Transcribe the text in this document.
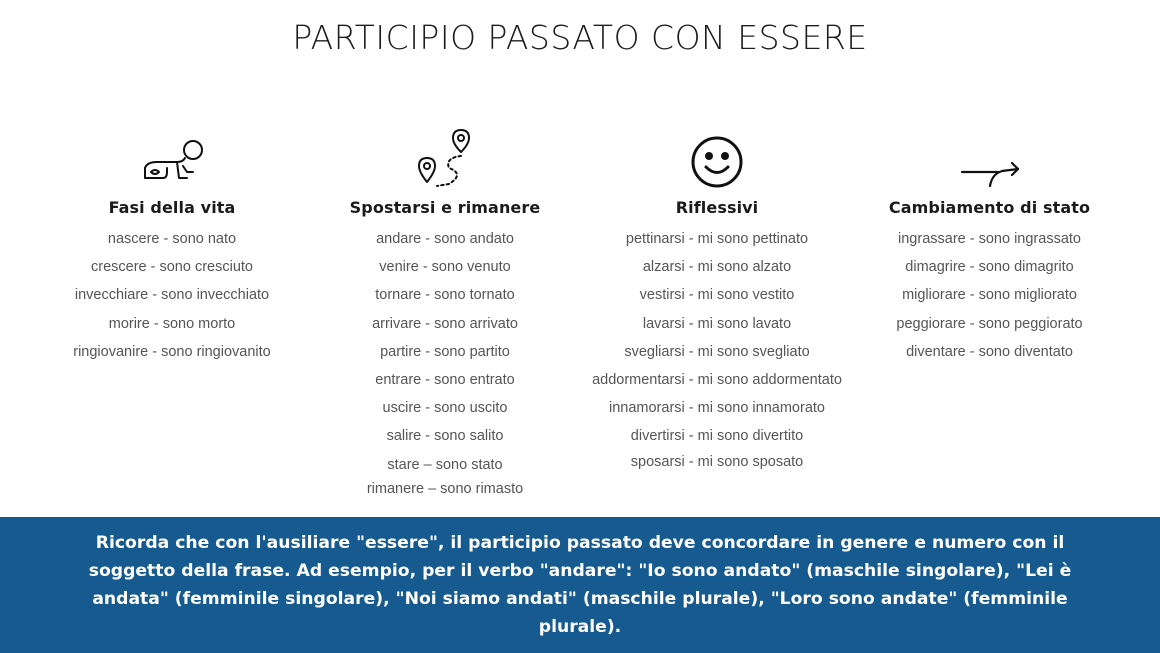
PARTICIPIO PASSATO CON ESSERE
Fasi della vita
nascere - sono nato
crescere - sono cresciuto
invecchiare - sono invecchiato
morire - sono morto
ringiovanire - sono ringiovanito
Spostarsi e rimanere
andare - sono andato
venire - sono venuto
tornare - sono tornato
arrivare - sono arrivato
partire - sono partito
entrare - sono entrato
uscire - sono uscito
salire - sono salito
stare – sono stato
rimanere – sono rimasto
Riflessivi
pettinarsi - mi sono pettinato
alzarsi - mi sono alzato
vestirsi - mi sono vestito
lavarsi - mi sono lavato
svegliarsi - mi sono svegliato
addormentarsi - mi sono addormentato
innamorarsi - mi sono innamorato
divertirsi - mi sono divertito
sposarsi - mi sono sposato
Cambiamento di stato
ingrassare - sono ingrassato
dimagrire - sono dimagrito
migliorare - sono migliorato
peggiorare - sono peggiorato
diventare - sono diventato

Ricorda che con l'ausiliare "essere", il participio passato deve concordare in genere e numero con il soggetto della frase. Ad esempio, per il verbo "andare": "Io sono andato" (maschile singolare), "Lei è andata" (femminile singolare), "Noi siamo andati" (maschile plurale), "Loro sono andate" (femminile plurale).
